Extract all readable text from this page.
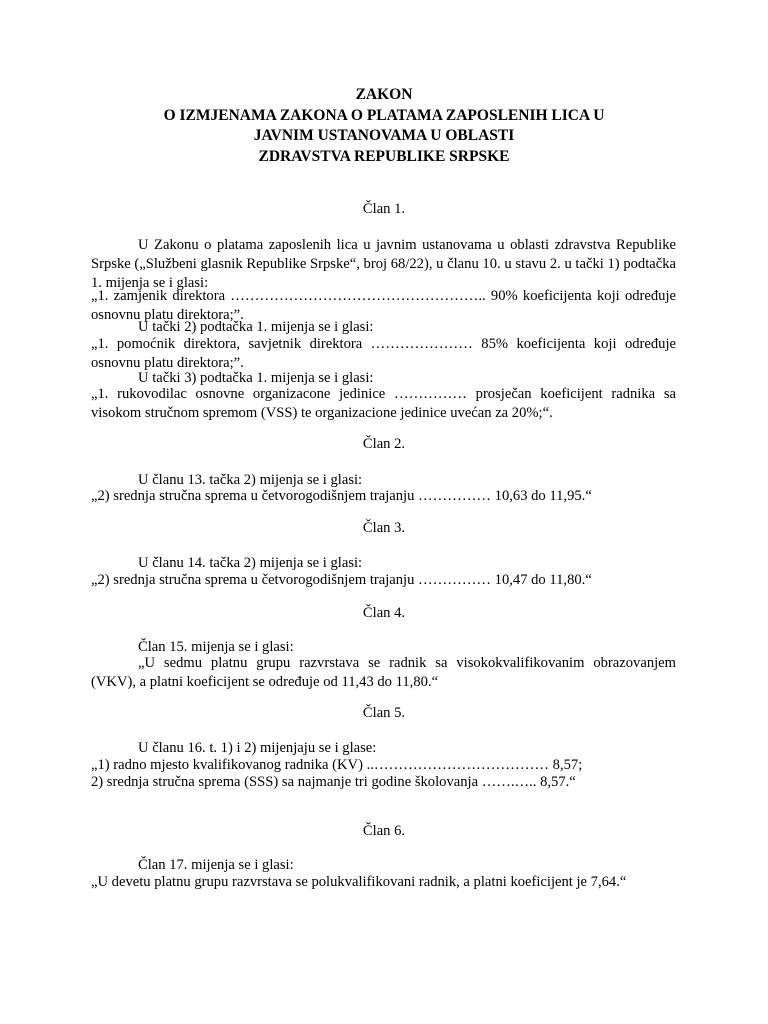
ZAKON
O IZMJENAMA ZAKONA O PLATAMA ZAPOSLENIH LICA U
JAVNIM USTANOVAMA U OBLASTI
ZDRAVSTVA REPUBLIKE SRPSKE
Član 1.
U Zakonu o platama zaposlenih lica u javnim ustanovama u oblasti zdravstva Republike Srpske („Službeni glasnik Republike Srpske“, broj 68/22), u članu 10. u stavu 2. u tački 1) podtačka 1. mijenja se i glasi:
„1. zamjenik direktora …………………………………………….. 90% koeficijenta koji određuje osnovnu platu direktora;”.
U tački 2) podtačka 1. mijenja se i glasi:
„1. pomoćnik direktora, savjetnik direktora ………………… 85% koeficijenta koji određuje osnovnu platu direktora;”.
U tački 3) podtačka 1. mijenja se i glasi:
„1. rukovodilac osnovne organizacone jedinice …………… prosječan koeficijent radnika sa visokom stručnom spremom (VSS) te organizacione jedinice uvećan za 20%;“.
Član 2.
U članu 13. tačka 2) mijenja se i glasi:
„2) srednja stručna sprema u četvorogodišnjem trajanju …………… 10,63 do 11,95.“
Član 3.
U članu 14. tačka 2) mijenja se i glasi:
„2) srednja stručna sprema u četvorogodišnjem trajanju …………… 10,47 do 11,80.“
Član 4.
Član 15. mijenja se i glasi:
„U sedmu platnu grupu razvrstava se radnik sa visokokvalifikovanim obrazovanjem (VKV), a platni koeficijent se određuje od 11,43 do 11,80.“
Član 5.
U članu 16. t. 1) i 2) mijenjaju se i glase:
„1) radno mjesto kvalifikovanog radnika (KV) ..……………………………… 8,57;
2) srednja stručna sprema (SSS) sa najmanje tri godine školovanja …….….. 8,57.“
Član 6.
Član 17. mijenja se i glasi:
„U devetu platnu grupu razvrstava se polukvalifikovani radnik, a platni koeficijent je 7,64.“
